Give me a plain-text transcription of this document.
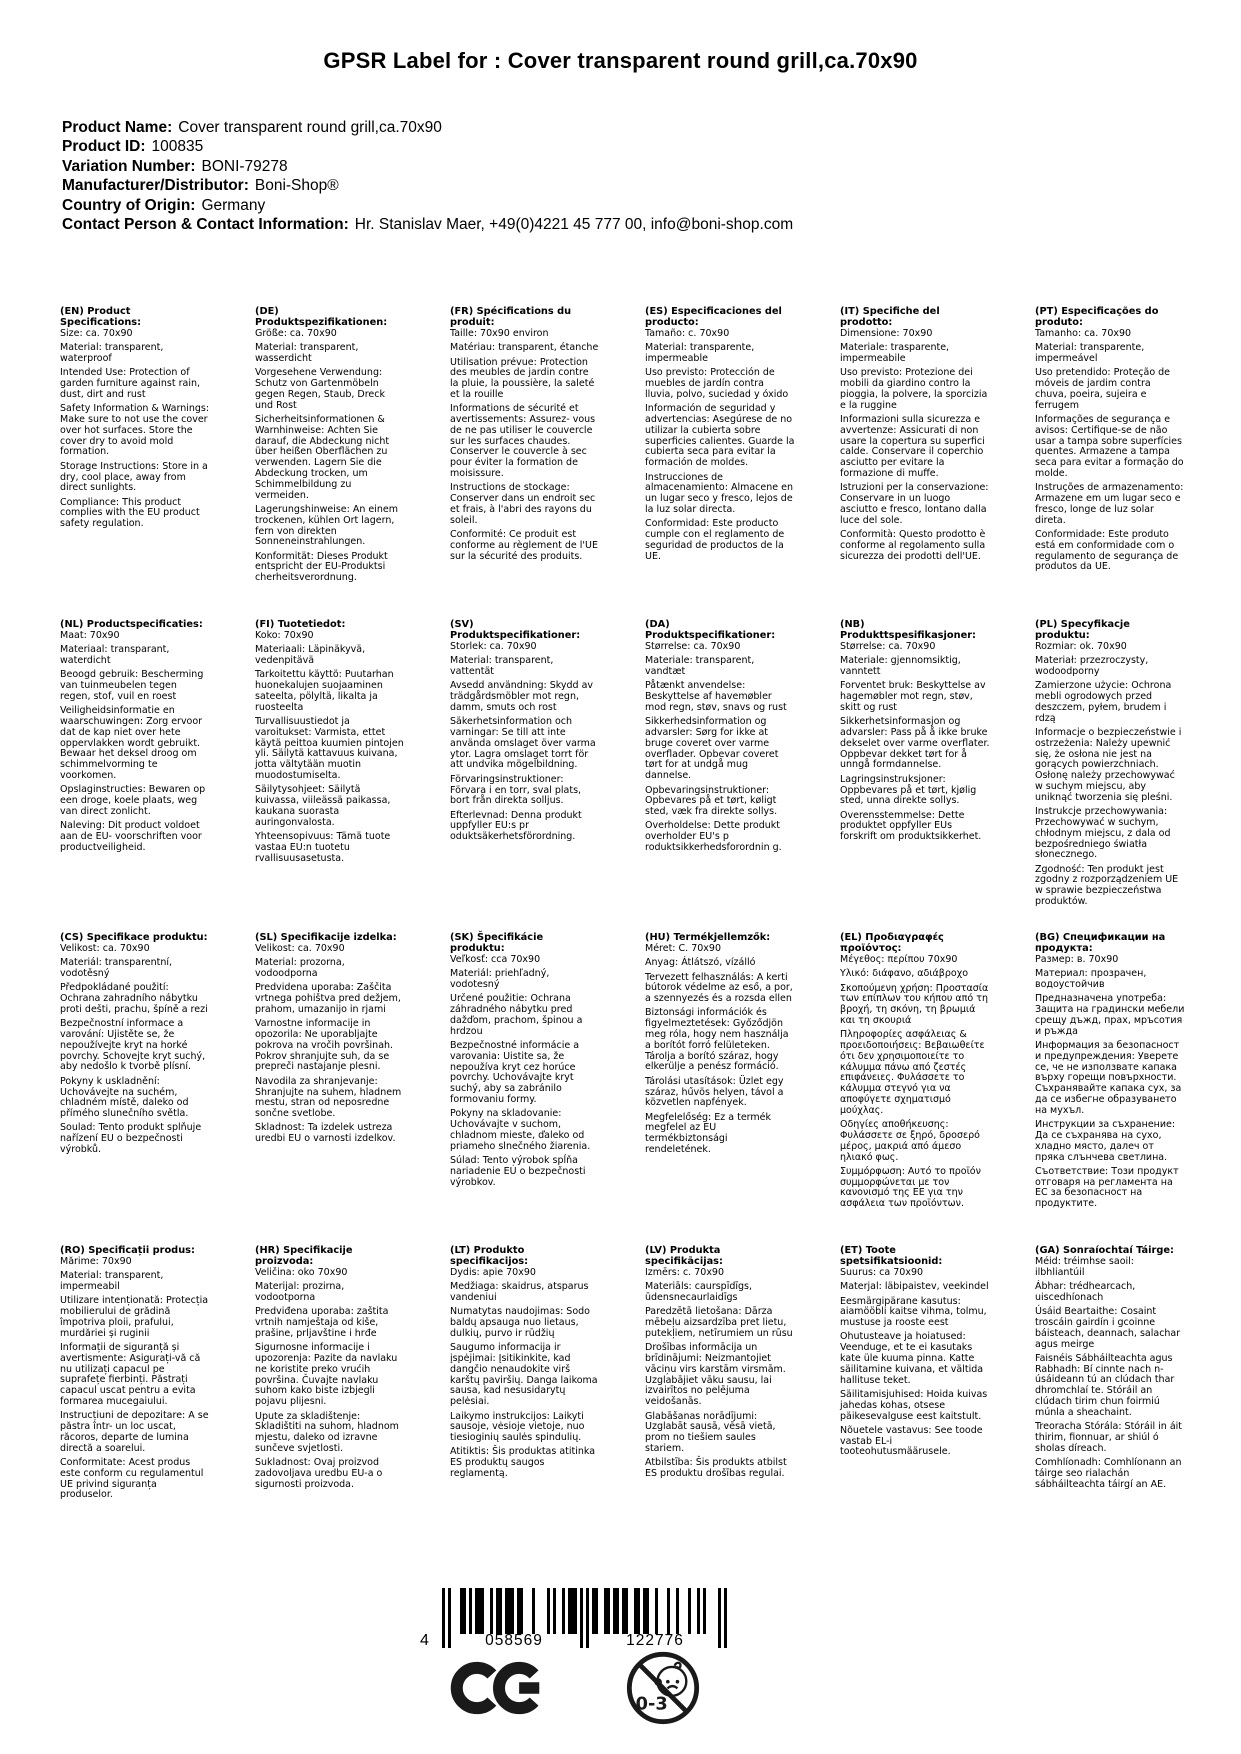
GPSR Label for : Cover transparent round grill,ca.70x90
Product Name: Cover transparent round grill,ca.70x90
Product ID: 100835
Variation Number: BONI-79278
Manufacturer/Distributor: Boni-Shop®
Country of Origin: Germany
Contact Person & Contact Information: Hr. Stanislav Maer, +49(0)4221 45 777 00, info@boni-shop.com
(EN) Product Specifications:

Size: ca. 70x90

Material: transparent, waterproof

Intended Use: Protection of garden furniture against rain, dust, dirt and rust

Safety Information & Warnings: Make sure to not use the cover over hot surfaces. Store the cover dry to avoid mold formation.

Storage Instructions: Store in a dry, cool place, away from direct sunlights.

Compliance: This product complies with the EU product safety regulation.

(DE) Produktspezifikationen:

Größe: ca. 70x90

Material: transparent, wasserdicht

Vorgesehene Verwendung: Schutz von Gartenmöbeln gegen Regen, Staub, Dreck und Rost

Sicherheitsinformationen & Warnhinweise: Achten Sie darauf, die Abdeckung nicht über heißen Oberflächen zu verwenden. Lagern Sie die Abdeckung trocken, um Schimmelbildung zu vermeiden.

Lagerungshinweise: An einem trockenen, kühlen Ort lagern, fern von direkten Sonneneinstrahlungen.

Konformität: Dieses Produkt entspricht der EU-Produktsi cherheitsverordnung.

(FR) Spécifications du produit:

Taille: 70x90 environ

Matériau: transparent, étanche

Utilisation prévue: Protection des meubles de jardin contre la pluie, la poussière, la saleté et la rouille

Informations de sécurité et avertissements: Assurez- vous de ne pas utiliser le couvercle sur les surfaces chaudes. Conserver le couvercle à sec pour éviter la formation de moisissure.

Instructions de stockage: Conserver dans un endroit sec et frais, à l'abri des rayons du soleil.

Conformité: Ce produit est conforme au règlement de l'UE sur la sécurité des produits.

(ES) Especificaciones del producto:

Tamaño: c. 70x90

Material: transparente, impermeable

Uso previsto: Protección de muebles de jardín contra lluvia, polvo, suciedad y óxido

Información de seguridad y advertencias: Asegúrese de no utilizar la cubierta sobre superficies calientes. Guarde la cubierta seca para evitar la formación de moldes.

Instrucciones de almacenamiento: Almacene en un lugar seco y fresco, lejos de la luz solar directa.

Conformidad: Este producto cumple con el reglamento de seguridad de productos de la UE.

(IT) Specifiche del prodotto:

Dimensione: 70x90

Materiale: trasparente, impermeabile

Uso previsto: Protezione dei mobili da giardino contro la pioggia, la polvere, la sporcizia e la ruggine

Informazioni sulla sicurezza e avvertenze: Assicurati di non usare la copertura su superfici calde. Conservare il coperchio asciutto per evitare la formazione di muffe.

Istruzioni per la conservazione: Conservare in un luogo asciutto e fresco, lontano dalla luce del sole.

Conformità: Questo prodotto è conforme al regolamento sulla sicurezza dei prodotti dell'UE.

(PT) Especificações do produto:

Tamanho: ca. 70x90

Material: transparente, impermeável

Uso pretendido: Proteção de móveis de jardim contra chuva, poeira, sujeira e ferrugem

Informações de segurança e avisos: Certifique-se de não usar a tampa sobre superfícies quentes. Armazene a tampa seca para evitar a formação do molde.

Instruções de armazenamento: Armazene em um lugar seco e fresco, longe de luz solar direta.

Conformidade: Este produto está em conformidade com o regulamento de segurança de produtos da UE.

(NL) Productspecificaties:

Maat: 70x90

Materiaal: transparant, waterdicht

Beoogd gebruik: Bescherming van tuinmeubelen tegen regen, stof, vuil en roest

Veiligheidsinformatie en waarschuwingen: Zorg ervoor dat de kap niet over hete oppervlakken wordt gebruikt. Bewaar het deksel droog om schimmelvorming te voorkomen.

Opslaginstructies: Bewaren op een droge, koele plaats, weg van direct zonlicht.

Naleving: Dit product voldoet aan de EU- voorschriften voor productveiligheid.

(FI) Tuotetiedot:

Koko: 70x90

Materiaali: Läpinäkyvä, vedenpitävä

Tarkoitettu käyttö: Puutarhan huonekalujen suojaaminen sateelta, pölyltä, likalta ja ruosteelta

Turvallisuustiedot ja varoitukset: Varmista, ettet käytä peittoa kuumien pintojen yli. Säilytä kattavuus kuivana, jotta vältytään muotin muodostumiselta.

Säilytysohjeet: Säilytä kuivassa, viileässä paikassa, kaukana suorasta auringonvalosta.

Yhteensopivuus: Tämä tuote vastaa EU:n tuotetu rvallisuusasetusta.

(SV) Produktspecifikationer:

Storlek: ca. 70x90

Material: transparent, vattentät

Avsedd användning: Skydd av trädgårdsmöbler mot regn, damm, smuts och rost

Säkerhetsinformation och varningar: Se till att inte använda omslaget över varma ytor. Lagra omslaget torrt för att undvika mögelbildning.

Förvaringsinstruktioner: Förvara i en torr, sval plats, bort från direkta solljus.

Efterlevnad: Denna produkt uppfyller EU:s pr oduktsäkerhetsförordning.

(DA) Produktspecifikationer:

Størrelse: ca. 70x90

Materiale: transparent, vandtæt

Påtænkt anvendelse: Beskyttelse af havemøbler mod regn, støv, snavs og rust

Sikkerhedsinformation og advarsler: Sørg for ikke at bruge coveret over varme overflader. Opbevar coveret tørt for at undgå mug dannelse.

Opbevaringsinstruktioner: Opbevares på et tørt, køligt sted, væk fra direkte sollys.

Overholdelse: Dette produkt overholder EU's p roduktsikkerhedsforordnin g.

(NB) Produkttspesifikasjoner:

Størrelse: ca. 70x90

Materiale: gjennomsiktig, vanntett

Forventet bruk: Beskyttelse av hagemøbler mot regn, støv, skitt og rust

Sikkerhetsinformasjon og advarsler: Pass på å ikke bruke dekselet over varme overflater. Oppbevar dekket tørt for å unngå formdannelse.

Lagringsinstruksjoner: Oppbevares på et tørt, kjølig sted, unna direkte sollys.

Overensstemmelse: Dette produktet oppfyller EUs forskrift om produktsikkerhet.

(PL) Specyfikacje produktu:

Rozmiar: ok. 70x90

Materiał: przezroczysty, wodoodporny

Zamierzone użycie: Ochrona mebli ogrodowych przed deszczem, pyłem, brudem i rdzą

Informacje o bezpieczeństwie i ostrzeżenia: Należy upewnić się, że osłona nie jest na gorących powierzchniach. Osłonę należy przechowywać w suchym miejscu, aby uniknąć tworzenia się pleśni.

Instrukcje przechowywania: Przechowywać w suchym, chłodnym miejscu, z dala od bezpośredniego światła słonecznego.

Zgodność: Ten produkt jest zgodny z rozporządzeniem UE w sprawie bezpieczeństwa produktów.

(CS) Specifikace produktu:

Velikost: ca. 70x90

Materiál: transparentní, vodotěsný

Předpokládané použití: Ochrana zahradního nábytku proti dešti, prachu, špíně a rezi

Bezpečnostní informace a varování: Ujistěte se, že nepoužívejte kryt na horké povrchy. Schovejte kryt suchý, aby nedošlo k tvorbě plísní.

Pokyny k uskladnění: Uchovávejte na suchém, chladném místě, daleko od přímého slunečního světla.

Soulad: Tento produkt splňuje nařízení EU o bezpečnosti výrobků.

(SL) Specifikacije izdelka:

Velikost: ca. 70x90

Material: prozorna, vodoodporna

Predvidena uporaba: Zaščita vrtnega pohištva pred dežjem, prahom, umazanijo in rjami

Varnostne informacije in opozorila: Ne uporabljajte pokrova na vročih površinah. Pokrov shranjujte suh, da se prepreči nastajanje plesni.

Navodila za shranjevanje: Shranjujte na suhem, hladnem mestu, stran od neposredne sončne svetlobe.

Skladnost: Ta izdelek ustreza uredbi EU o varnosti izdelkov.

(SK) Špecifikácie produktu:

Veľkosť: cca 70x90

Materiál: priehľadný, vodotesný

Určené použitie: Ochrana záhradného nábytku pred dažďom, prachom, špinou a hrdzou

Bezpečnostné informácie a varovania: Uistite sa, že nepoužíva kryt cez horúce povrchy. Uchovávajte kryt suchý, aby sa zabránilo formovaniu formy.

Pokyny na skladovanie: Uchovávajte v suchom, chladnom mieste, ďaleko od priameho slnečného žiarenia.

Súlad: Tento výrobok spĺňa nariadenie EÚ o bezpečnosti výrobkov.

(HU) Termékjellemzők:

Méret: C. 70x90

Anyag: Átlátszó, vízálló

Tervezett felhasználás: A kerti bútorok védelme az eső, a por, a szennyezés és a rozsda ellen

Biztonsági információk és figyelmeztetések: Győződjön meg róla, hogy nem használja a borítót forró felületeken. Tárolja a borító száraz, hogy elkerülje a penész formáció.

Tárolási utasítások: Üzlet egy száraz, hűvös helyen, távol a közvetlen napfények.

Megfelelőség: Ez a termék megfelel az EU termékbiztonsági rendeletének.

(EL) Προδιαγραφές προϊόντος:

Μέγεθος: περίπου 70x90

Υλικό: διάφανο, αδιάβροχο

Σκοπούμενη χρήση: Προστασία των επίπλων του κήπου από τη βροχή, τη σκόνη, τη βρωμιά και τη σκουριά

Πληροφορίες ασφάλειας & προειδοποιήσεις: Βεβαιωθείτε ότι δεν χρησιμοποιείτε το κάλυμμα πάνω από ζεστές επιφάνειες. Φυλάσσετε το κάλυμμα στεγνό για να αποφύγετε σχηματισμό μούχλας.

Οδηγίες αποθήκευσης: Φυλάσσετε σε ξηρό, δροσερό μέρος, μακριά από άμεσο ηλιακό φως.

Συμμόρφωση: Αυτό το προϊόν συμμορφώνεται με τον κανονισμό της ΕΕ για την ασφάλεια των προϊόντων.

(BG) Спецификации на продукта:

Размер: в. 70x90

Материал: прозрачен, водоустойчив

Предназначена употреба: Защита на градински мебели срещу дъжд, прах, мръсотия и ръжда

Информация за безопасност и предупреждения: Уверете се, че не използвате капака върху горещи повърхности. Съхранявайте капака сух, за да се избегне образуването на мухъл.

Инструкции за съхранение: Да се съхранява на сухо, хладно място, далеч от пряка слънчева светлина.

Съответствие: Този продукт отговаря на регламента на ЕС за безопасност на продуктите.

(RO) Specificații produs:

Mărime: 70x90

Material: transparent, impermeabil

Utilizare intenționată: Protecția mobilierului de grădină împotriva ploii, prafului, murdăriei și ruginii

Informații de siguranță și avertismente: Asigurați-vă că nu utilizați capacul pe suprafețe fierbinți. Păstrați capacul uscat pentru a evita formarea mucegaiului.

Instrucțiuni de depozitare: A se păstra într- un loc uscat, răcoros, departe de lumina directă a soarelui.

Conformitate: Acest produs este conform cu regulamentul UE privind siguranța produselor.

(HR) Specifikacije proizvoda:

Veličina: oko 70x90

Materijal: prozirna, vodootporna

Predviđena uporaba: zaštita vrtnih namještaja od kiše, prašine, prljavštine i hrđe

Sigurnosne informacije i upozorenja: Pazite da navlaku ne koristite preko vrućih površina. Čuvajte navlaku suhom kako biste izbjegli pojavu plijesni.

Upute za skladištenje: Skladištiti na suhom, hladnom mjestu, daleko od izravne sunčeve svjetlosti.

Sukladnost: Ovaj proizvod zadovoljava uredbu EU-a o sigurnosti proizvoda.

(LT) Produkto specifikacijos:

Dydis: apie 70x90

Medžiaga: skaidrus, atsparus vandeniui

Numatytas naudojimas: Sodo baldų apsauga nuo lietaus, dulkių, purvo ir rūdžių

Saugumo informacija ir įspėjimai: Įsitikinkite, kad dangčio nenaudokite virš karštų paviršių. Danga laikoma sausa, kad nesusidarytų pelėsiai.

Laikymo instrukcijos: Laikyti sausoje, vėsioje vietoje, nuo tiesioginių saulės spindulių.

Atitiktis: Šis produktas atitinka ES produktų saugos reglamentą.

(LV) Produkta specifikācijas:

Izmērs: c. 70x90

Materiāls: caurspīdīgs, ūdensnecaurlaidīgs

Paredzētā lietošana: Dārza mēbeļu aizsardzība pret lietu, putekļiem, netīrumiem un rūsu

Drošības informācija un brīdinājumi: Neizmantojiet vāciņu virs karstām virsmām. Uzglabājiet vāku sausu, lai izvairītos no pelējuma veidošanās.

Glabāšanas norādījumi: Uzglabāt sausā, vēsā vietā, prom no tiešiem saules stariem.

Atbilstība: Šis produkts atbilst ES produktu drošības regulai.

(ET) Toote spetsifikatsioonid:

Suurus: ca 70x90

Materjal: läbipaistev, veekindel

Eesmärgipärane kasutus: aiamööbli kaitse vihma, tolmu, mustuse ja rooste eest

Ohutusteave ja hoiatused: Veenduge, et te ei kasutaks kate üle kuuma pinna. Katte säilitamine kuivana, et vältida hallituse teket.

Säilitamisjuhised: Hoida kuivas jahedas kohas, otsese päikesevalguse eest kaitstult.

Nõuetele vastavus: See toode vastab EL-i tooteohutusmäärusele.

(GA) Sonraíochtaí Táirge:

Méid: tréimhse saoil: ilbhliantúil

Ábhar: trédhearcach, uiscedhíonach

Úsáid Beartaithe: Cosaint troscáin gairdín i gcoinne báisteach, deannach, salachar agus meirge

Faisnéis Sábháilteachta agus Rabhadh: Bí cinnte nach n-úsáideann tú an clúdach thar dhromchlaí te. Stóráil an clúdach tirim chun foirmiú múnla a sheachaint.

Treoracha Stórála: Stóráil in áit thirim, fionnuar, ar shiúl ó sholas díreach.

Comhlíonadh: Comhlíonann an táirge seo rialachán sábháilteachta táirgí an AE.

4	058569	122776
0-3
